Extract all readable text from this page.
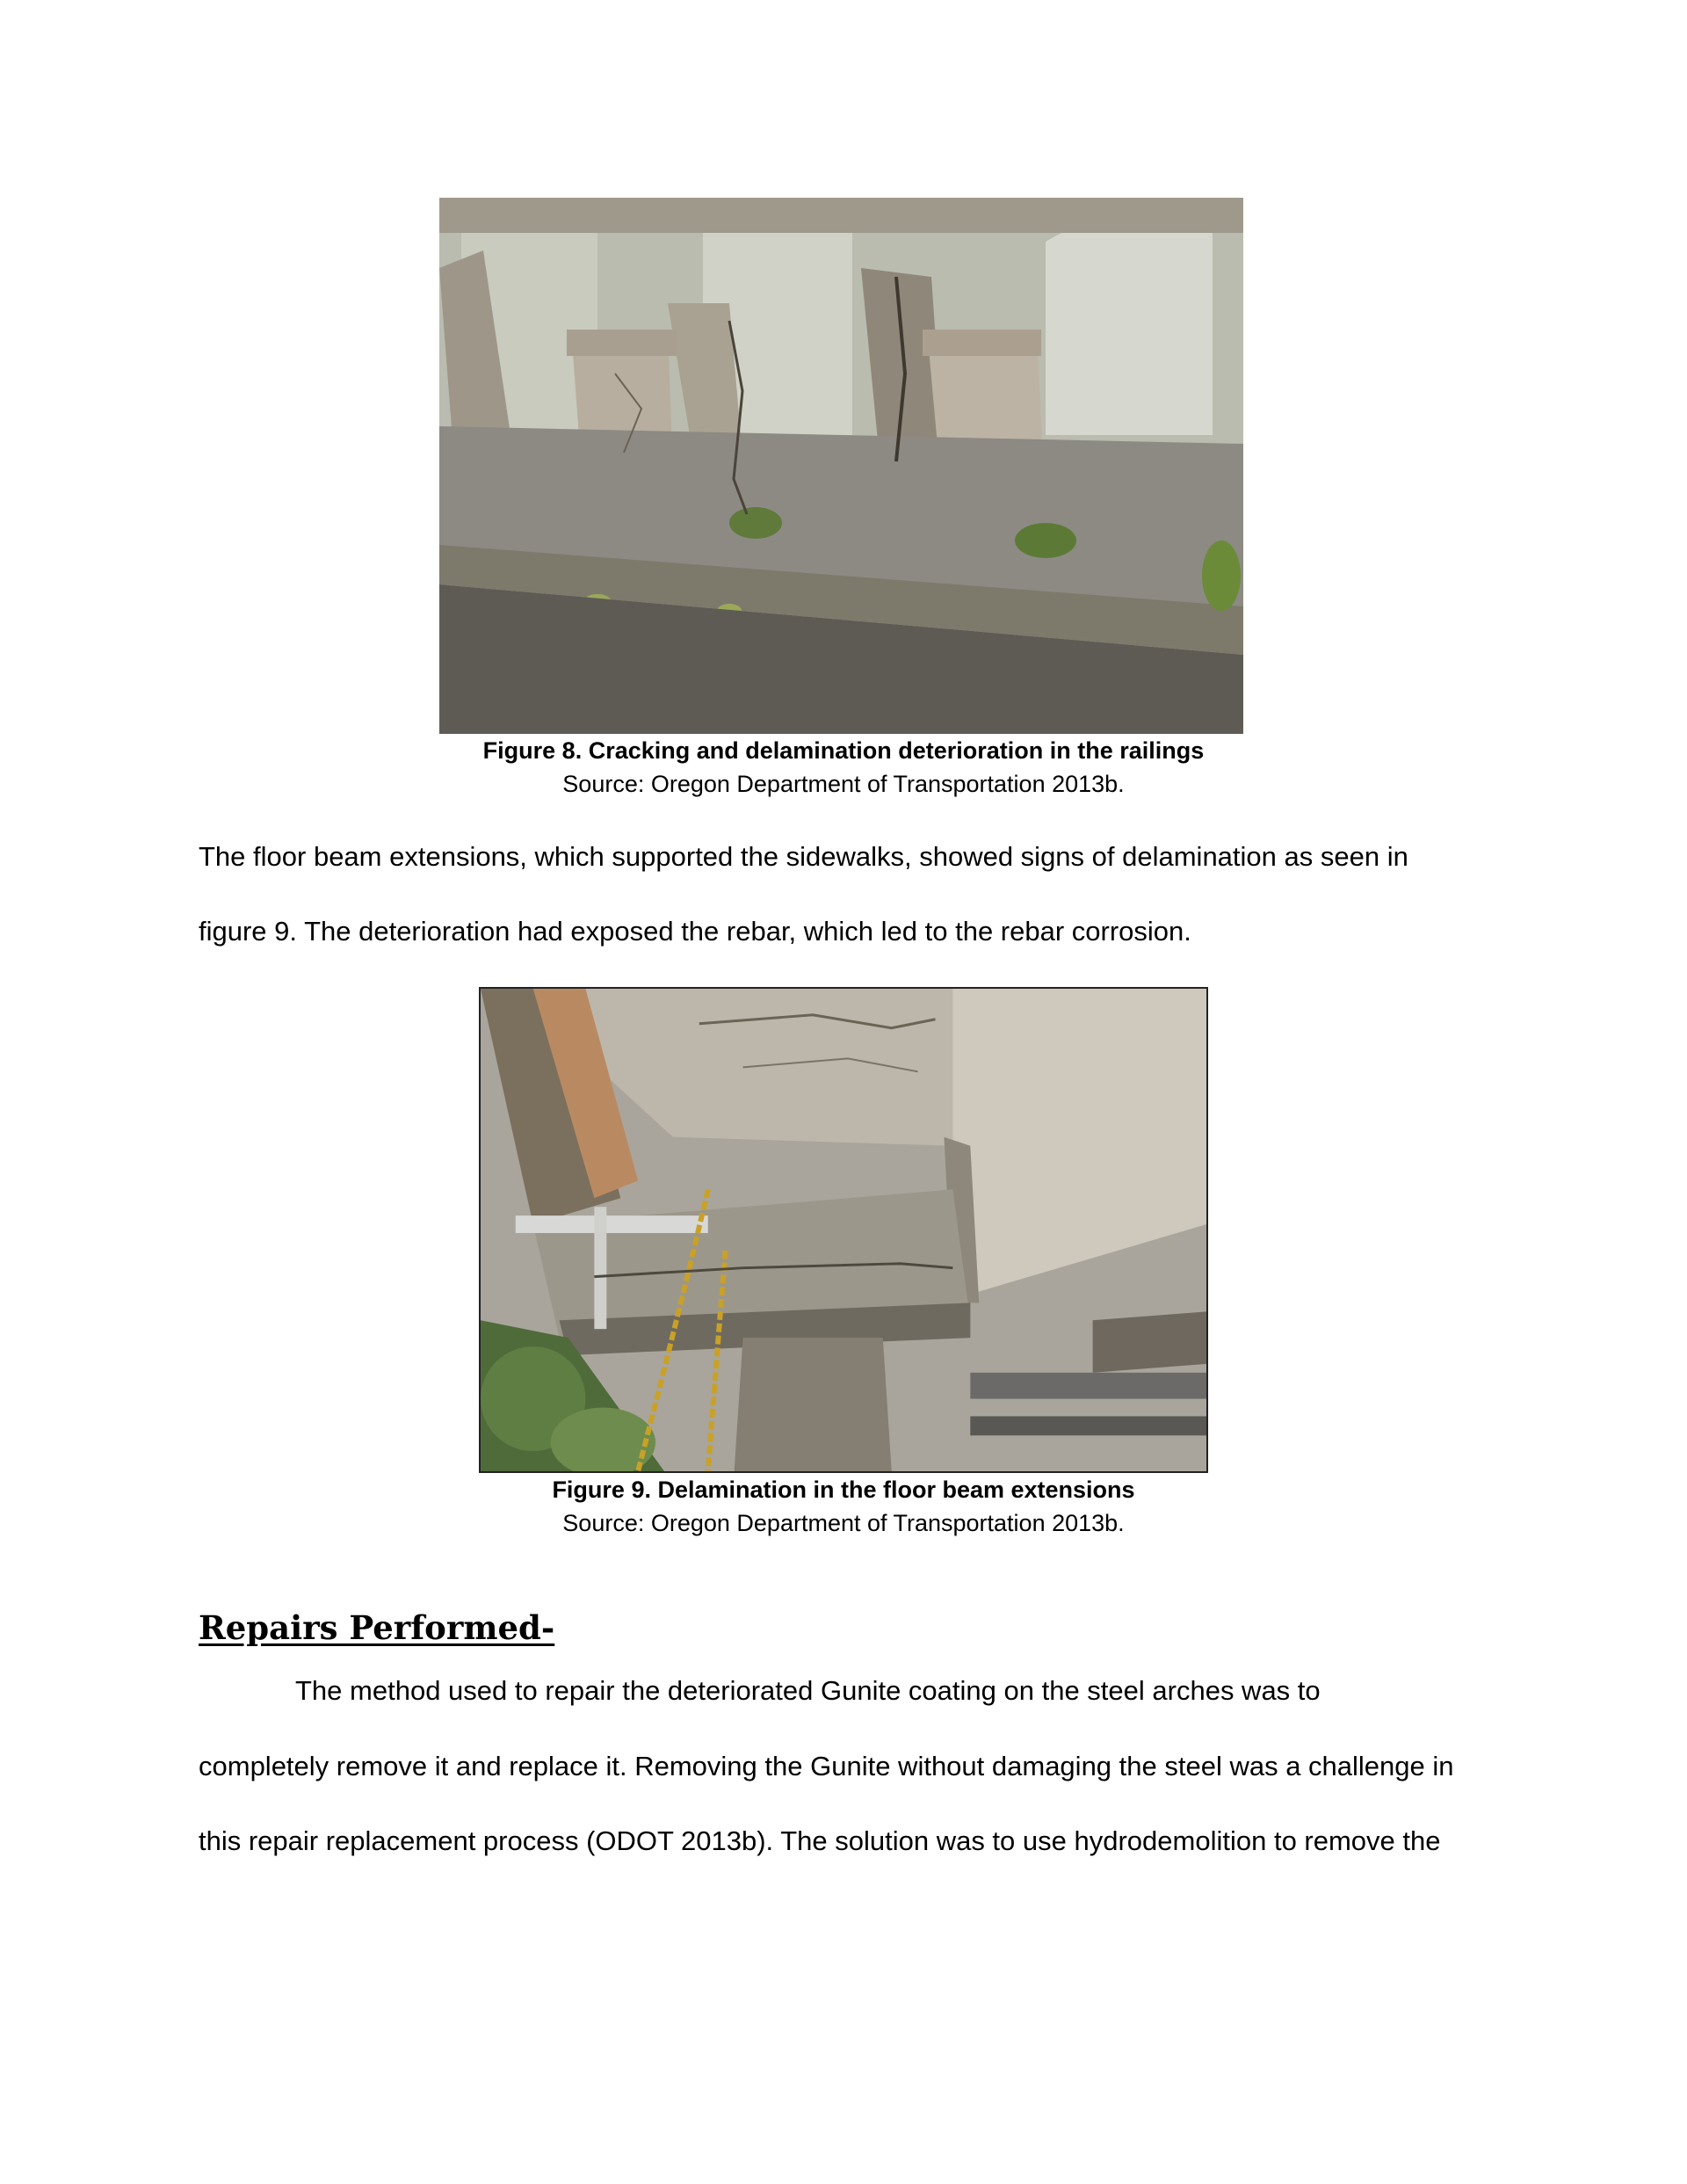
Figure 8. Cracking and delamination deterioration in the railings
Source: Oregon Department of Transportation 2013b.
The floor beam extensions, which supported the sidewalks, showed signs of delamination as seen in
figure 9. The deterioration had exposed the rebar, which led to the rebar corrosion.
Figure 9. Delamination in the floor beam extensions
Source: Oregon Department of Transportation 2013b.
Repairs Performed-
The method used to repair the deteriorated Gunite coating on the steel arches was to
completely remove it and replace it. Removing the Gunite without damaging the steel was a challenge in
this repair replacement process (ODOT 2013b). The solution was to use hydrodemolition to remove the
